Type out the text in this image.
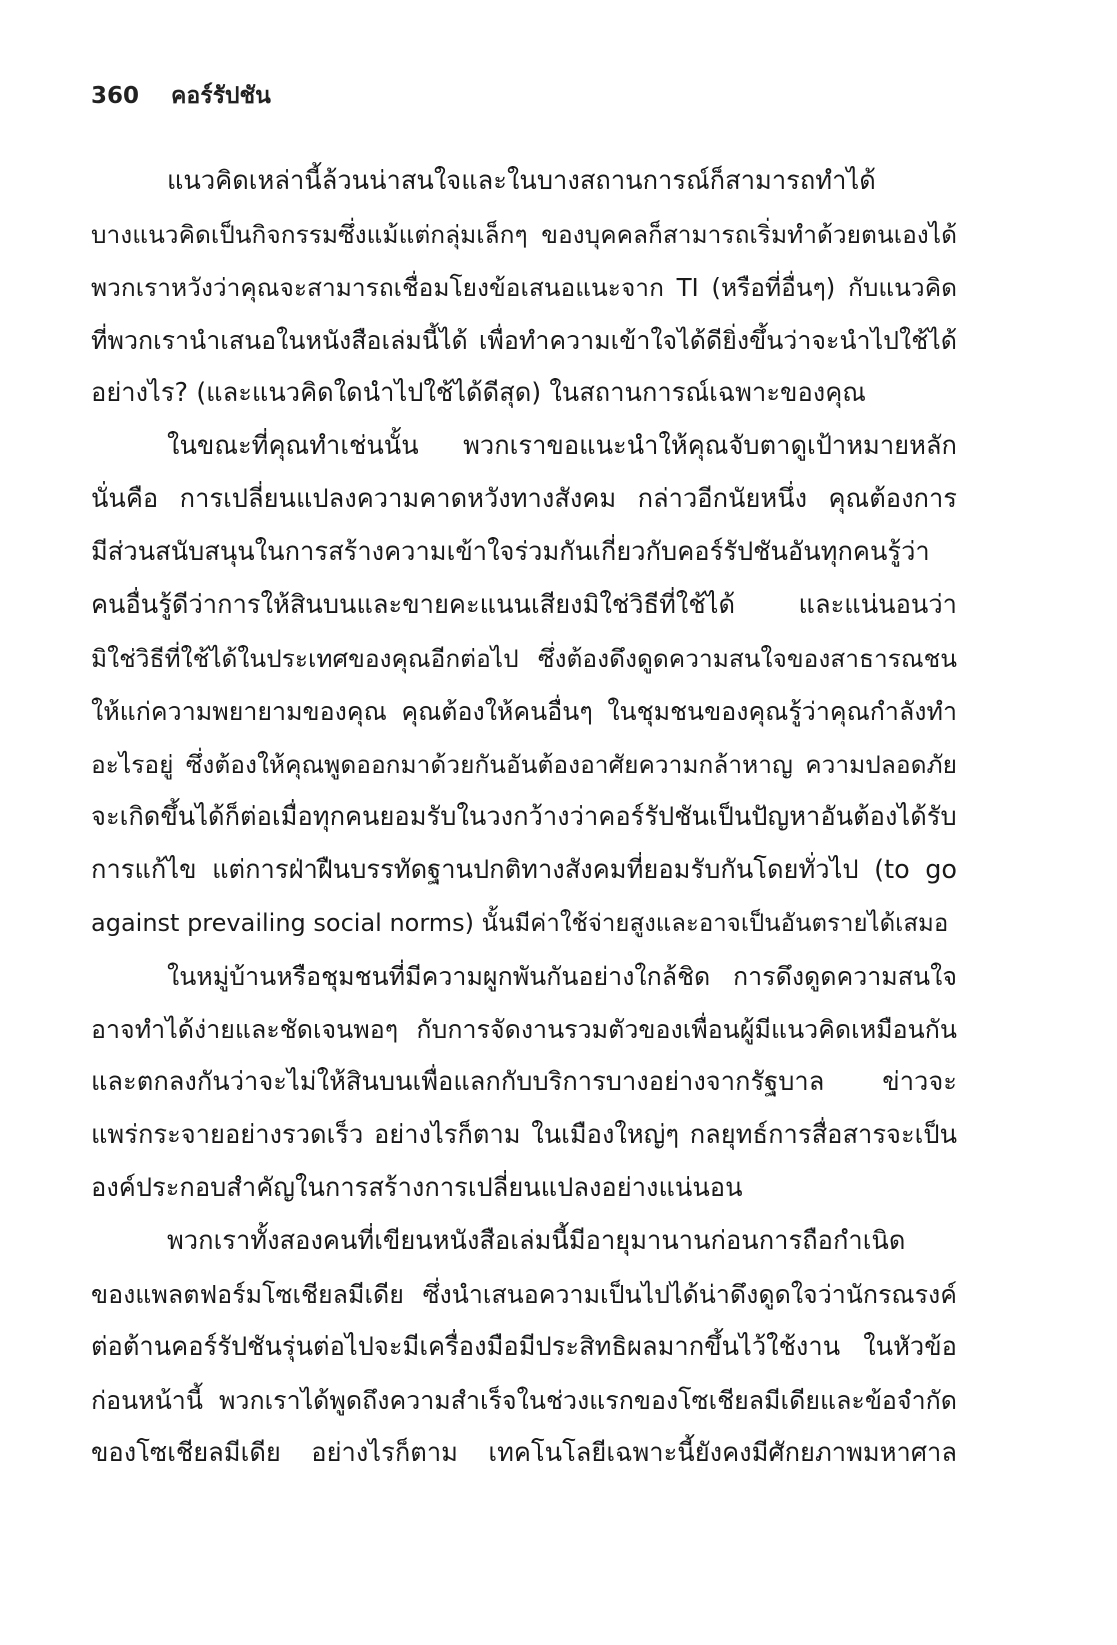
360 คอร์รัปชัน
แนวคิดเหล่านี้ล้วนน่าสนใจและในบางสถานการณ์ก็สามารถทำได้
บางแนวคิดเป็นกิจกรรมซึ่งแม้แต่กลุ่มเล็กๆ ของบุคคลก็สามารถเริ่มทำด้วยตนเองได้
พวกเราหวังว่าคุณจะสามารถเชื่อมโยงข้อเสนอแนะจาก TI (หรือที่อื่นๆ) กับแนวคิด
ที่พวกเรานำเสนอในหนังสือเล่มนี้ได้ เพื่อทำความเข้าใจได้ดียิ่งขึ้นว่าจะนำไปใช้ได้
อย่างไร? (และแนวคิดใดนำไปใช้ได้ดีสุด) ในสถานการณ์เฉพาะของคุณ
ในขณะที่คุณทำเช่นนั้น พวกเราขอแนะนำให้คุณจับตาดูเป้าหมายหลัก
นั่นคือ การเปลี่ยนแปลงความคาดหวังทางสังคม กล่าวอีกนัยหนึ่ง คุณต้องการ
มีส่วนสนับสนุนในการสร้างความเข้าใจร่วมกันเกี่ยวกับคอร์รัปชันอันทุกคนรู้ว่า
คนอื่นรู้ดีว่าการให้สินบนและขายคะแนนเสียงมิใช่วิธีที่ใช้ได้ และแน่นอนว่า
มิใช่วิธีที่ใช้ได้ในประเทศของคุณอีกต่อไป ซึ่งต้องดึงดูดความสนใจของสาธารณชน
ให้แก่ความพยายามของคุณ คุณต้องให้คนอื่นๆ ในชุมชนของคุณรู้ว่าคุณกำลังทำ
อะไรอยู่ ซึ่งต้องให้คุณพูดออกมาด้วยกันอันต้องอาศัยความกล้าหาญ ความปลอดภัย
จะเกิดขึ้นได้ก็ต่อเมื่อทุกคนยอมรับในวงกว้างว่าคอร์รัปชันเป็นปัญหาอันต้องได้รับ
การแก้ไข แต่การฝ่าฝืนบรรทัดฐานปกติทางสังคมที่ยอมรับกันโดยทั่วไป (to go
against prevailing social norms) นั้นมีค่าใช้จ่ายสูงและอาจเป็นอันตรายได้เสมอ
ในหมู่บ้านหรือชุมชนที่มีความผูกพันกันอย่างใกล้ชิด การดึงดูดความสนใจ
อาจทำได้ง่ายและชัดเจนพอๆ กับการจัดงานรวมตัวของเพื่อนผู้มีแนวคิดเหมือนกัน
และตกลงกันว่าจะไม่ให้สินบนเพื่อแลกกับบริการบางอย่างจากรัฐบาล ข่าวจะ
แพร่กระจายอย่างรวดเร็ว อย่างไรก็ตาม ในเมืองใหญ่ๆ กลยุทธ์การสื่อสารจะเป็น
องค์ประกอบสำคัญในการสร้างการเปลี่ยนแปลงอย่างแน่นอน
พวกเราทั้งสองคนที่เขียนหนังสือเล่มนี้มีอายุมานานก่อนการถือกำเนิด
ของแพลตฟอร์มโซเชียลมีเดีย ซึ่งนำเสนอความเป็นไปได้น่าดึงดูดใจว่านักรณรงค์
ต่อต้านคอร์รัปชันรุ่นต่อไปจะมีเครื่องมือมีประสิทธิผลมากขึ้นไว้ใช้งาน ในหัวข้อ
ก่อนหน้านี้ พวกเราได้พูดถึงความสำเร็จในช่วงแรกของโซเชียลมีเดียและข้อจำกัด
ของโซเชียลมีเดีย อย่างไรก็ตาม เทคโนโลยีเฉพาะนี้ยังคงมีศักยภาพมหาศาล
